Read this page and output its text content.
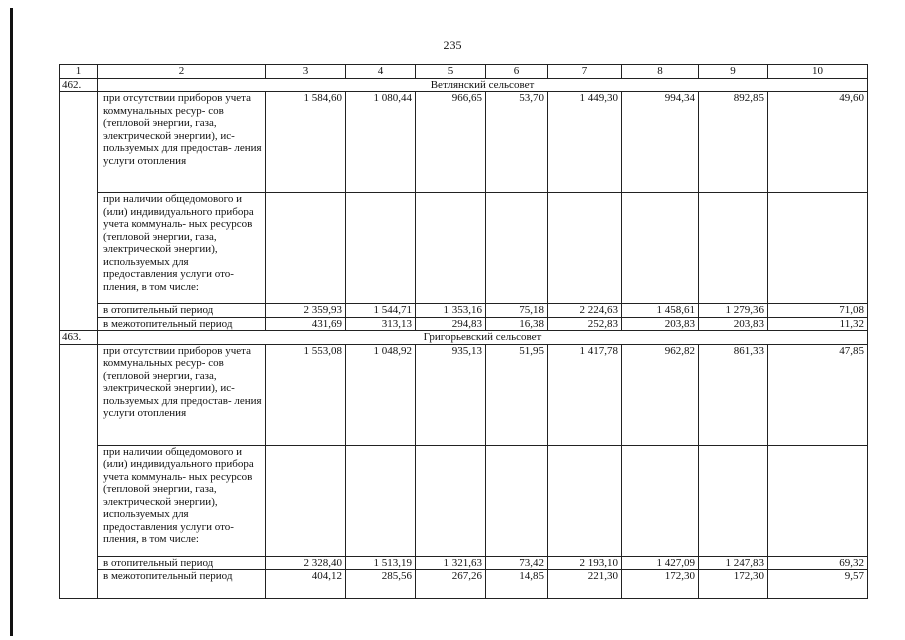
235
1	2	3	4	5	6	7	8	9	10
462.	Ветлянский сельсовет								
	при отсутствии приборов учета коммунальных ресур- сов (тепловой энергии, газа, электрической энергии), ис- пользуемых для предостав- ления услуги отопления	1 584,60	1 080,44	966,65	53,70	1 449,30	994,34	892,85	49,60
	при наличии общедомового и (или) индивидуального прибора учета коммуналь- ных ресурсов (тепловой энергии, газа, электрической энергии), используемых для предоставления услуги ото- пления, в том числе:								
	в отопительный период	2 359,93	1 544,71	1 353,16	75,18	2 224,63	1 458,61	1 279,36	71,08
	в межотопительный период	431,69	313,13	294,83	16,38	252,83	203,83	203,83	11,32
463.	Григорьевский сельсовет								
	при отсутствии приборов учета коммунальных ресур- сов (тепловой энергии, газа, электрической энергии), ис- пользуемых для предостав- ления услуги отопления	1 553,08	1 048,92	935,13	51,95	1 417,78	962,82	861,33	47,85
	при наличии общедомового и (или) индивидуального прибора учета коммуналь- ных ресурсов (тепловой энергии, газа, электрической энергии), используемых для предоставления услуги ото- пления, в том числе:								
	в отопительный период	2 328,40	1 513,19	1 321,63	73,42	2 193,10	1 427,09	1 247,83	69,32
	в межотопительный период	404,12	285,56	267,26	14,85	221,30	172,30	172,30	9,57
